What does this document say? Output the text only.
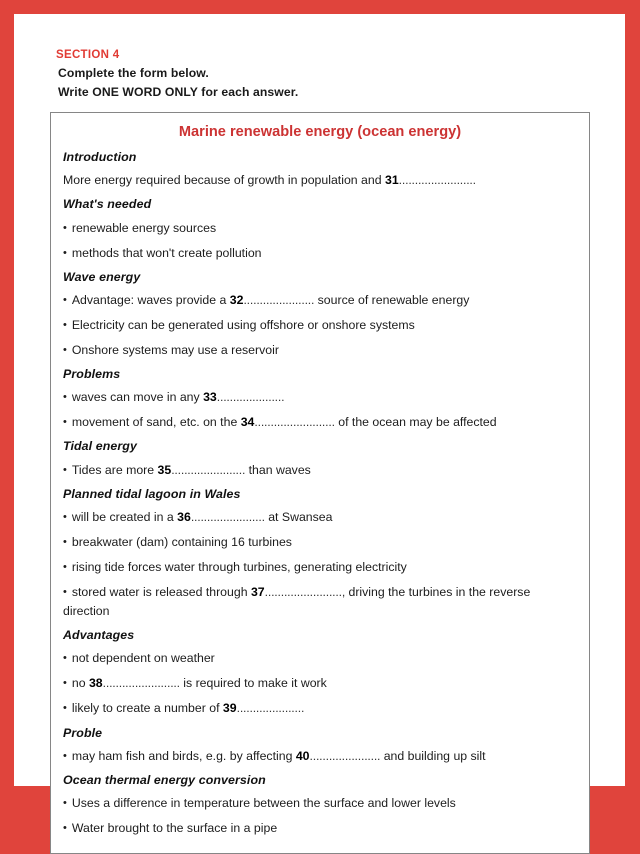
SECTION 4
Complete the form below.
Write ONE WORD ONLY for each answer.
Marine renewable energy (ocean energy)
Introduction
More energy required because of growth in population and 31........................
What's needed
• renewable energy sources
• methods that won't create pollution
Wave energy
• Advantage: waves provide a 32...................... source of renewable energy
• Electricity can be generated using offshore or onshore systems
• Onshore systems may use a reservoir
Problems
• waves can move in any 33.....................
• movement of sand, etc. on the 34......................... of the ocean may be affected
Tidal energy
• Tides are more 35....................... than waves
Planned tidal lagoon in Wales
• will be created in a 36....................... at Swansea
• breakwater (dam) containing 16 turbines
• rising tide forces water through turbines, generating electricity
• stored water is released through 37........................, driving the turbines in the reverse direction
Advantages
• not dependent on weather
• no 38........................ is required to make it work
• likely to create a number of 39.....................
Proble
• may ham fish and birds, e.g. by affecting 40...................... and building up silt
Ocean thermal energy conversion
• Uses a difference in temperature between the surface and lower levels
• Water brought to the surface in a pipe
